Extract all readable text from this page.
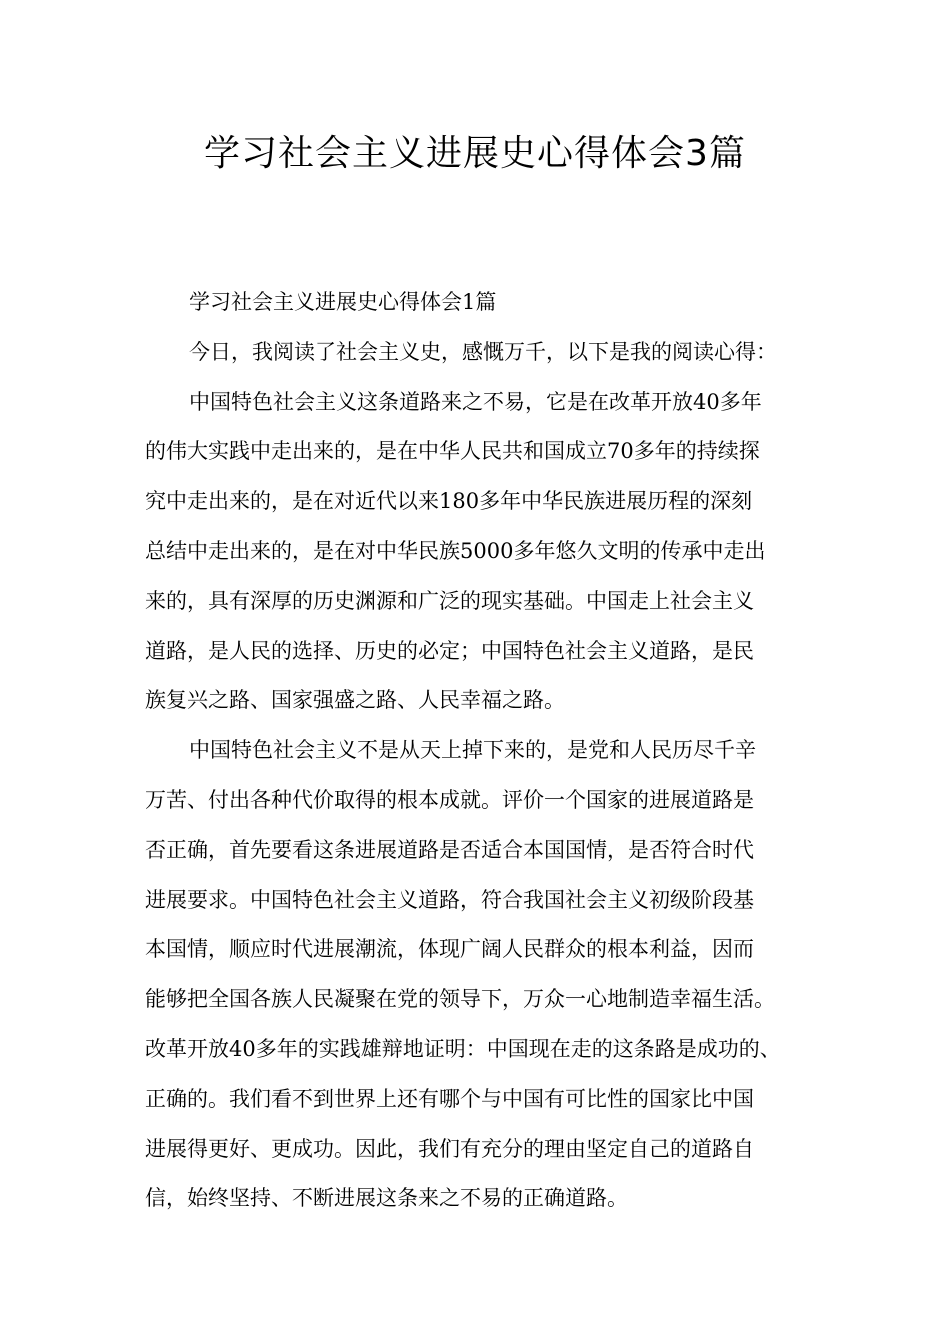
学习社会主义进展史心得体会3篇

学习社会主义进展史心得体会1篇

今日，我阅读了社会主义史，感慨万千，以下是我的阅读心得：

中国特色社会主义这条道路来之不易，它是在改革开放40多年
的伟大实践中走出来的，是在中华人民共和国成立70多年的持续探
究中走出来的，是在对近代以来180多年中华民族进展历程的深刻
总结中走出来的，是在对中华民族5000多年悠久文明的传承中走出
来的，具有深厚的历史渊源和广泛的现实基础。中国走上社会主义
道路，是人民的选择、历史的必定；中国特色社会主义道路，是民
族复兴之路、国家强盛之路、人民幸福之路。

中国特色社会主义不是从天上掉下来的，是党和人民历尽千辛
万苦、付出各种代价取得的根本成就。评价一个国家的进展道路是
否正确，首先要看这条进展道路是否适合本国国情，是否符合时代
进展要求。中国特色社会主义道路，符合我国社会主义初级阶段基
本国情，顺应时代进展潮流，体现广阔人民群众的根本利益，因而
能够把全国各族人民凝聚在党的领导下，万众一心地制造幸福生活。
改革开放40多年的实践雄辩地证明：中国现在走的这条路是成功的、
正确的。我们看不到世界上还有哪个与中国有可比性的国家比中国
进展得更好、更成功。因此，我们有充分的理由坚定自己的道路自
信，始终坚持、不断进展这条来之不易的正确道路。
